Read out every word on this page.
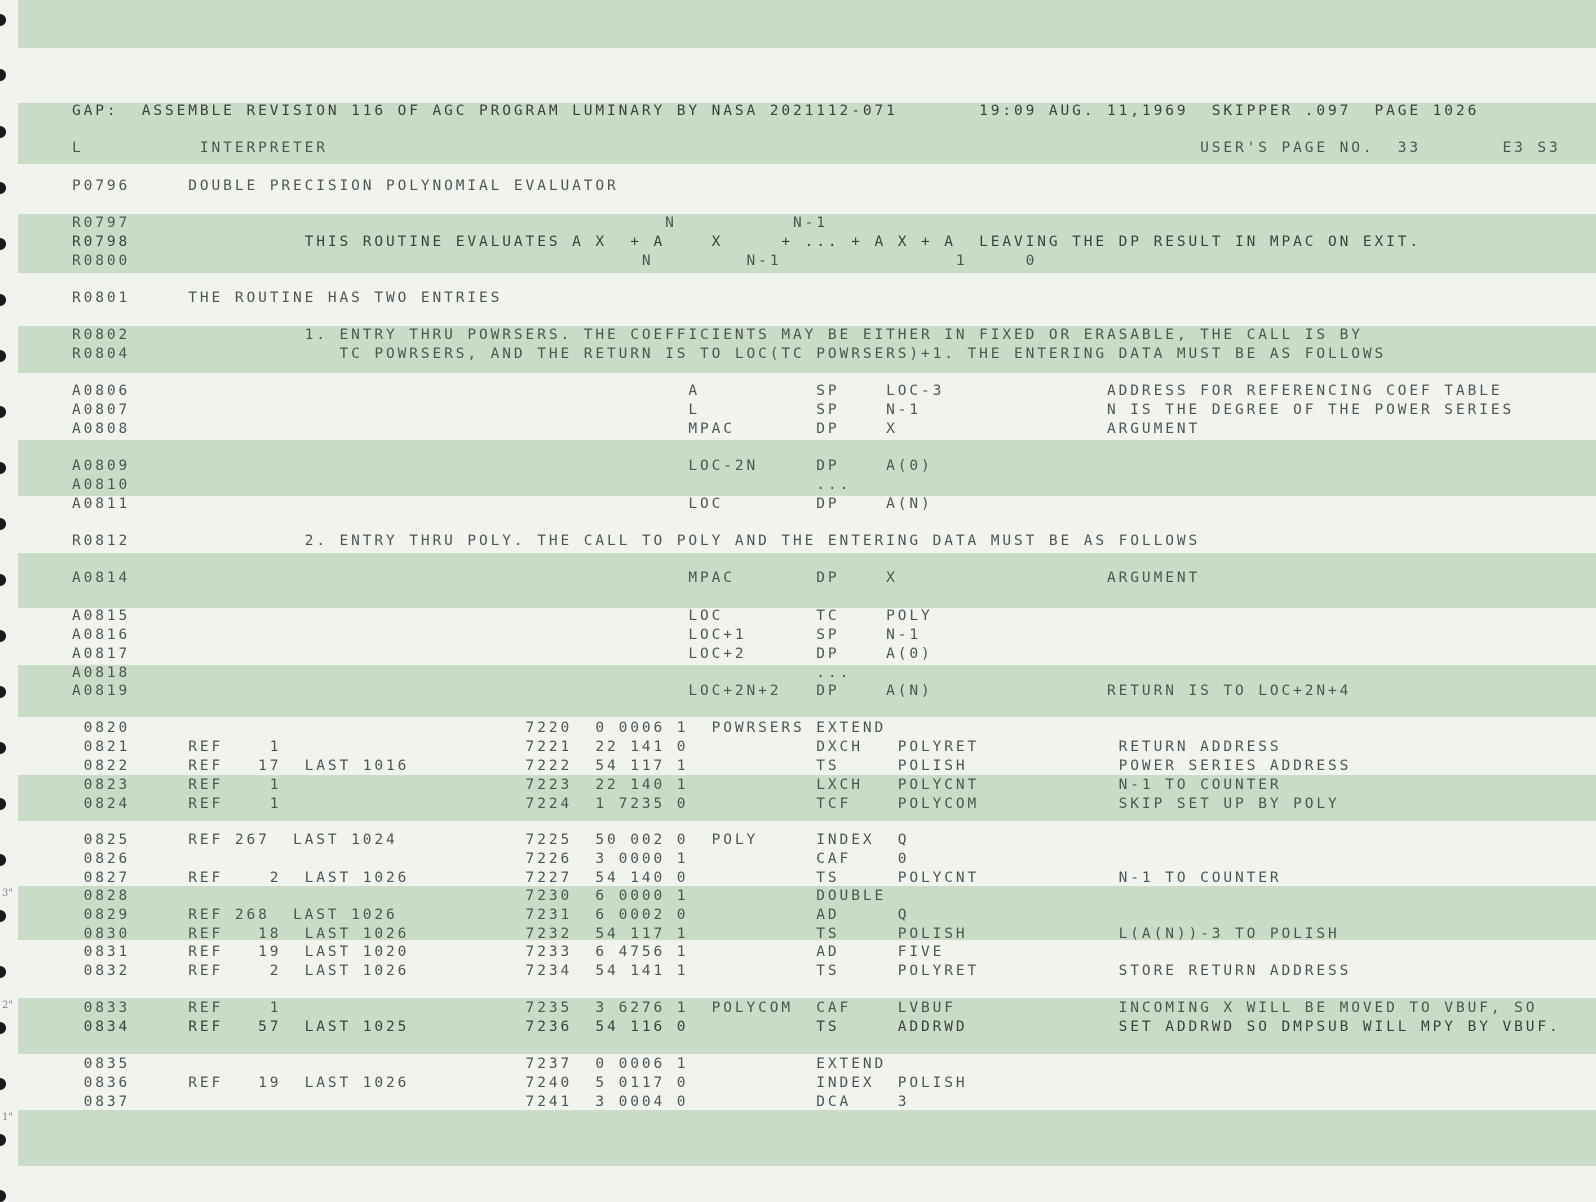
3"
2"
1"
GAP:  ASSEMBLE REVISION 116 OF AGC PROGRAM LUMINARY BY NASA 2021112-071       19:09 AUG. 11,1969  SKIPPER .097  PAGE 1026
L          INTERPRETER                                                                           USER'S PAGE NO.  33       E3 S3
P0796     DOUBLE PRECISION POLYNOMIAL EVALUATOR
R0797                                              N          N-1
R0798               THIS ROUTINE EVALUATES A X  + A    X     + ... + A X + A  LEAVING THE DP RESULT IN MPAC ON EXIT.
R0800                                            N        N-1               1     0
R0801     THE ROUTINE HAS TWO ENTRIES
R0802               1. ENTRY THRU POWRSERS. THE COEFFICIENTS MAY BE EITHER IN FIXED OR ERASABLE, THE CALL IS BY
R0804                  TC POWRSERS, AND THE RETURN IS TO LOC(TC POWRSERS)+1. THE ENTERING DATA MUST BE AS FOLLOWS
A0806                                                A          SP    LOC-3              ADDRESS FOR REFERENCING COEF TABLE
A0807                                                L          SP    N-1                N IS THE DEGREE OF THE POWER SERIES
A0808                                                MPAC       DP    X                  ARGUMENT
A0809                                                LOC-2N     DP    A(0)
A0810                                                           ...
A0811                                                LOC        DP    A(N)
R0812               2. ENTRY THRU POLY. THE CALL TO POLY AND THE ENTERING DATA MUST BE AS FOLLOWS
A0814                                                MPAC       DP    X                  ARGUMENT
A0815                                                LOC        TC    POLY
A0816                                                LOC+1      SP    N-1
A0817                                                LOC+2      DP    A(0)
A0818                                                           ...
A0819                                                LOC+2N+2   DP    A(N)               RETURN IS TO LOC+2N+4
0820                                  7220  0 0006 1  POWRSERS EXTEND
0821     REF    1                     7221  22 141 0           DXCH   POLYRET            RETURN ADDRESS
0822     REF   17  LAST 1016          7222  54 117 1           TS     POLISH             POWER SERIES ADDRESS
0823     REF    1                     7223  22 140 1           LXCH   POLYCNT            N-1 TO COUNTER
0824     REF    1                     7224  1 7235 0           TCF    POLYCOM            SKIP SET UP BY POLY
0825     REF 267  LAST 1024           7225  50 002 0  POLY     INDEX  Q
0826                                  7226  3 0000 1           CAF    0
0827     REF    2  LAST 1026          7227  54 140 0           TS     POLYCNT            N-1 TO COUNTER
0828                                  7230  6 0000 1           DOUBLE
0829     REF 268  LAST 1026           7231  6 0002 0           AD     Q
0830     REF   18  LAST 1026          7232  54 117 1           TS     POLISH             L(A(N))-3 TO POLISH
0831     REF   19  LAST 1020          7233  6 4756 1           AD     FIVE
0832     REF    2  LAST 1026          7234  54 141 1           TS     POLYRET            STORE RETURN ADDRESS
0833     REF    1                     7235  3 6276 1  POLYCOM  CAF    LVBUF              INCOMING X WILL BE MOVED TO VBUF, SO
0834     REF   57  LAST 1025          7236  54 116 0           TS     ADDRWD             SET ADDRWD SO DMPSUB WILL MPY BY VBUF.
0835                                  7237  0 0006 1           EXTEND
0836     REF   19  LAST 1026          7240  5 0117 0           INDEX  POLISH
0837                                  7241  3 0004 0           DCA    3
